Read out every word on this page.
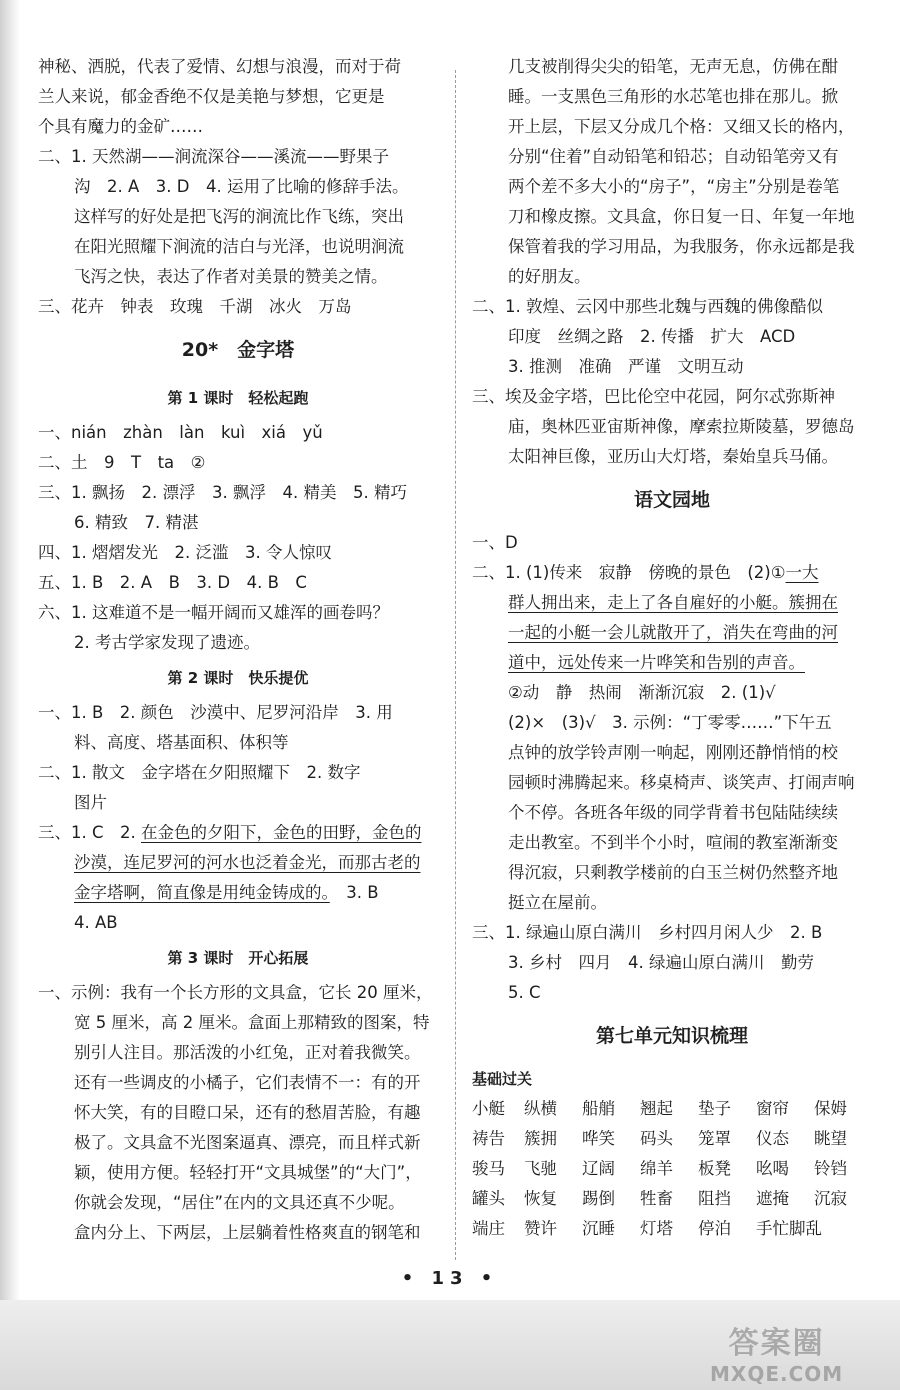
神秘、洒脱，代表了爱情、幻想与浪漫，而对于荷

兰人来说，郁金香绝不仅是美艳与梦想，它更是

个具有魔力的金矿……

二、1. 天然湖——涧流深谷——溪流——野果子

沟　2. A　3. D　4. 运用了比喻的修辞手法。

这样写的好处是把飞泻的涧流比作飞练，突出

在阳光照耀下涧流的洁白与光泽，也说明涧流

飞泻之快，表达了作者对美景的赞美之情。

三、花卉　钟表　玫瑰　千湖　冰火　万岛

20*　金字塔

第 1 课时　轻松起跑

一、nián　zhàn　làn　kuì　xiá　yǔ

二、土　9　T　ta　②

三、1. 飘扬　2. 漂浮　3. 飘浮　4. 精美　5. 精巧

6. 精致　7. 精湛

四、1. 熠熠发光　2. 泛滥　3. 令人惊叹

五、1. B　2. A　B　3. D　4. B　C

六、1. 这难道不是一幅开阔而又雄浑的画卷吗？

2. 考古学家发现了遗迹。

第 2 课时　快乐提优

一、1. B　2. 颜色　沙漠中、尼罗河沿岸　3. 用

料、高度、塔基面积、体积等

二、1. 散文　金字塔在夕阳照耀下　2. 数字

图片

三、1. C　2. 在金色的夕阳下，金色的田野，金色的

沙漠，连尼罗河的河水也泛着金光，而那古老的

金字塔啊，简直像是用纯金铸成的。　3. B

4. AB

第 3 课时　开心拓展

一、示例：我有一个长方形的文具盒，它长 20 厘米，

宽 5 厘米，高 2 厘米。盒面上那精致的图案，特

别引人注目。那活泼的小红兔，正对着我微笑。

还有一些调皮的小橘子，它们表情不一：有的开

怀大笑，有的目瞪口呆，还有的愁眉苦脸，有趣

极了。文具盒不光图案逼真、漂亮，而且样式新

颖，使用方便。轻轻打开“文具城堡”的“大门”，

你就会发现，“居住”在内的文具还真不少呢。

盒内分上、下两层，上层躺着性格爽直的钢笔和

几支被削得尖尖的铅笔，无声无息，仿佛在酣

睡。一支黑色三角形的水芯笔也排在那儿。掀

开上层，下层又分成几个格：又细又长的格内，

分别“住着”自动铅笔和铅芯；自动铅笔旁又有

两个差不多大小的“房子”，“房主”分别是卷笔

刀和橡皮擦。文具盒，你日复一日、年复一年地

保管着我的学习用品，为我服务，你永远都是我

的好朋友。

二、1. 敦煌、云冈中那些北魏与西魏的佛像酷似

印度　丝绸之路　2. 传播　扩大　ACD

3. 推测　准确　严谨　文明互动

三、埃及金字塔，巴比伦空中花园，阿尔忒弥斯神

庙，奥林匹亚宙斯神像，摩索拉斯陵墓，罗德岛

太阳神巨像，亚历山大灯塔，秦始皇兵马俑。

语文园地

一、D

二、1. (1)传来　寂静　傍晚的景色　(2)①一大

群人拥出来，走上了各自雇好的小艇。簇拥在

一起的小艇一会儿就散开了，消失在弯曲的河

道中，远处传来一片哗笑和告别的声音。

②动　静　热闹　渐渐沉寂　2. (1)√

(2)×　(3)√　3. 示例：“丁零零……”下午五

点钟的放学铃声刚一响起，刚刚还静悄悄的校

园顿时沸腾起来。移桌椅声、谈笑声、打闹声响

个不停。各班各年级的同学背着书包陆陆续续

走出教室。不到半个小时，喧闹的教室渐渐变

得沉寂，只剩教学楼前的白玉兰树仍然整齐地

挺立在屋前。

三、1. 绿遍山原白满川　乡村四月闲人少　2. B

3. 乡村　四月　4. 绿遍山原白满川　勤劳

5. C

第七单元知识梳理

基础过关

小艇	纵横	船艄	翘起	垫子	窗帘	保姆
祷告	簇拥	哗笑	码头	笼罩	仪态	眺望
骏马	飞驰	辽阔	绵羊	板凳	吆喝	铃铛
罐头	恢复	踢倒	牲畜	阻挡	遮掩	沉寂
端庄	赞许	沉睡	灯塔	停泊	手忙脚乱
• 13 •
答案圈
MXQE.COM
